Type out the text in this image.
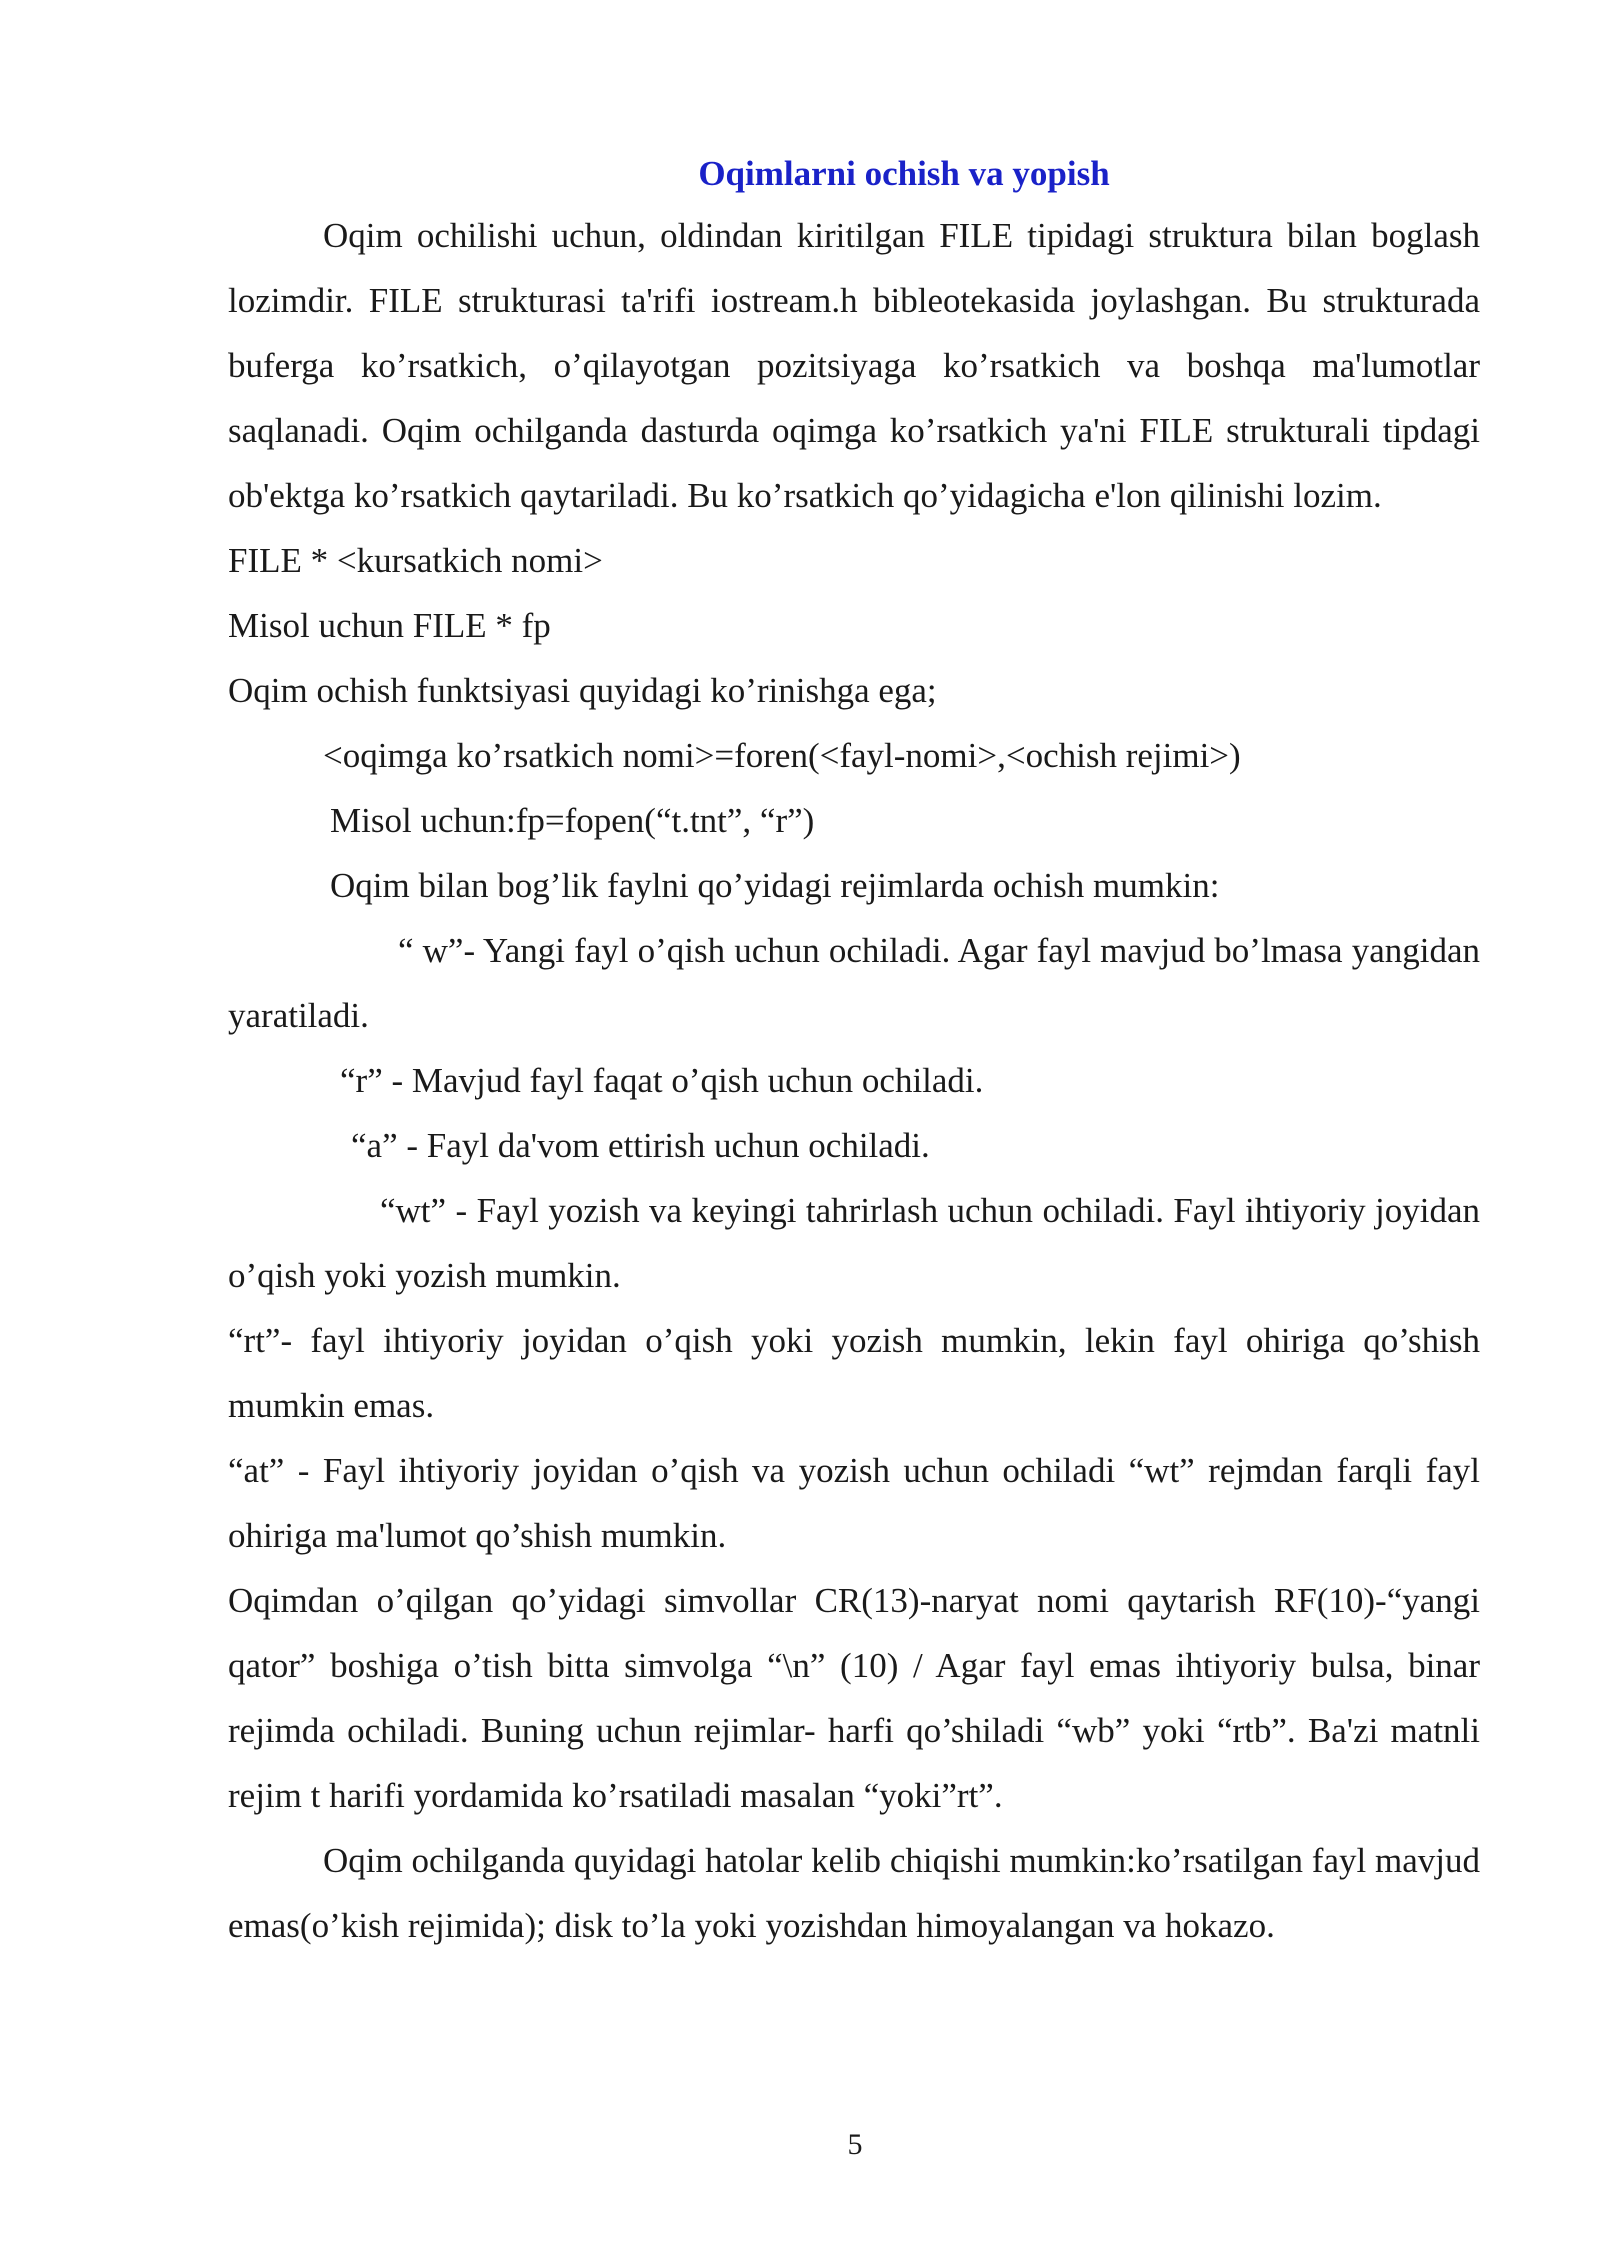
Oqimlarni ochish va yopish

Oqim ochilishi uchun, oldindan kiritilgan FILE tipidagi struktura bilan boglash lozimdir. FILE strukturasi ta'rifi iostream.h bibleotekasida joylashgan. Bu strukturada buferga ko’rsatkich, o’qilayotgan pozitsiyaga ko’rsatkich va boshqa ma'lumotlar saqlanadi. Oqim ochilganda dasturda oqimga ko’rsatkich ya'ni FILE strukturali tipdagi ob'ektga ko’rsatkich qaytariladi. Bu ko’rsatkich qo’yidagicha e'lon qilinishi lozim.

FILE * <kursatkich nomi>

Misol uchun FILE * fp

Oqim ochish funktsiyasi quyidagi ko’rinishga ega;

<oqimga ko’rsatkich nomi>=foren(<fayl-nomi>,<ochish rejimi>)

Misol uchun:fp=fopen(“t.tnt”, “r”)

Oqim bilan bog’lik faylni qo’yidagi rejimlarda ochish mumkin:

“ w”- Yangi fayl o’qish uchun ochiladi. Agar fayl mavjud bo’lmasa yangidan yaratiladi.

“r” - Mavjud fayl faqat o’qish uchun ochiladi.

“a” - Fayl da'vom ettirish uchun ochiladi.

“wt” - Fayl yozish va keyingi tahrirlash uchun ochiladi. Fayl ihtiyoriy joyidan o’qish yoki yozish mumkin.

“rt”- fayl ihtiyoriy joyidan o’qish yoki yozish mumkin, lekin fayl ohiriga qo’shish mumkin emas.

“at” - Fayl ihtiyoriy joyidan o’qish va yozish uchun ochiladi “wt” rejmdan farqli fayl ohiriga ma'lumot qo’shish mumkin.

Oqimdan o’qilgan qo’yidagi simvollar CR(13)-naryat nomi qaytarish RF(10)-“yangi qator” boshiga o’tish bitta simvolga “\n” (10) / Agar fayl emas ihtiyoriy bulsa, binar rejimda ochiladi. Buning uchun rejimlar- harfi qo’shiladi “wb” yoki “rtb”. Ba'zi matnli rejim t harifi yordamida ko’rsatiladi masalan “yoki”rt”.

Oqim ochilganda quyidagi hatolar kelib chiqishi mumkin:ko’rsatilgan fayl mavjud emas(o’kish rejimida); disk to’la yoki yozishdan himoyalangan va hokazo.

5
